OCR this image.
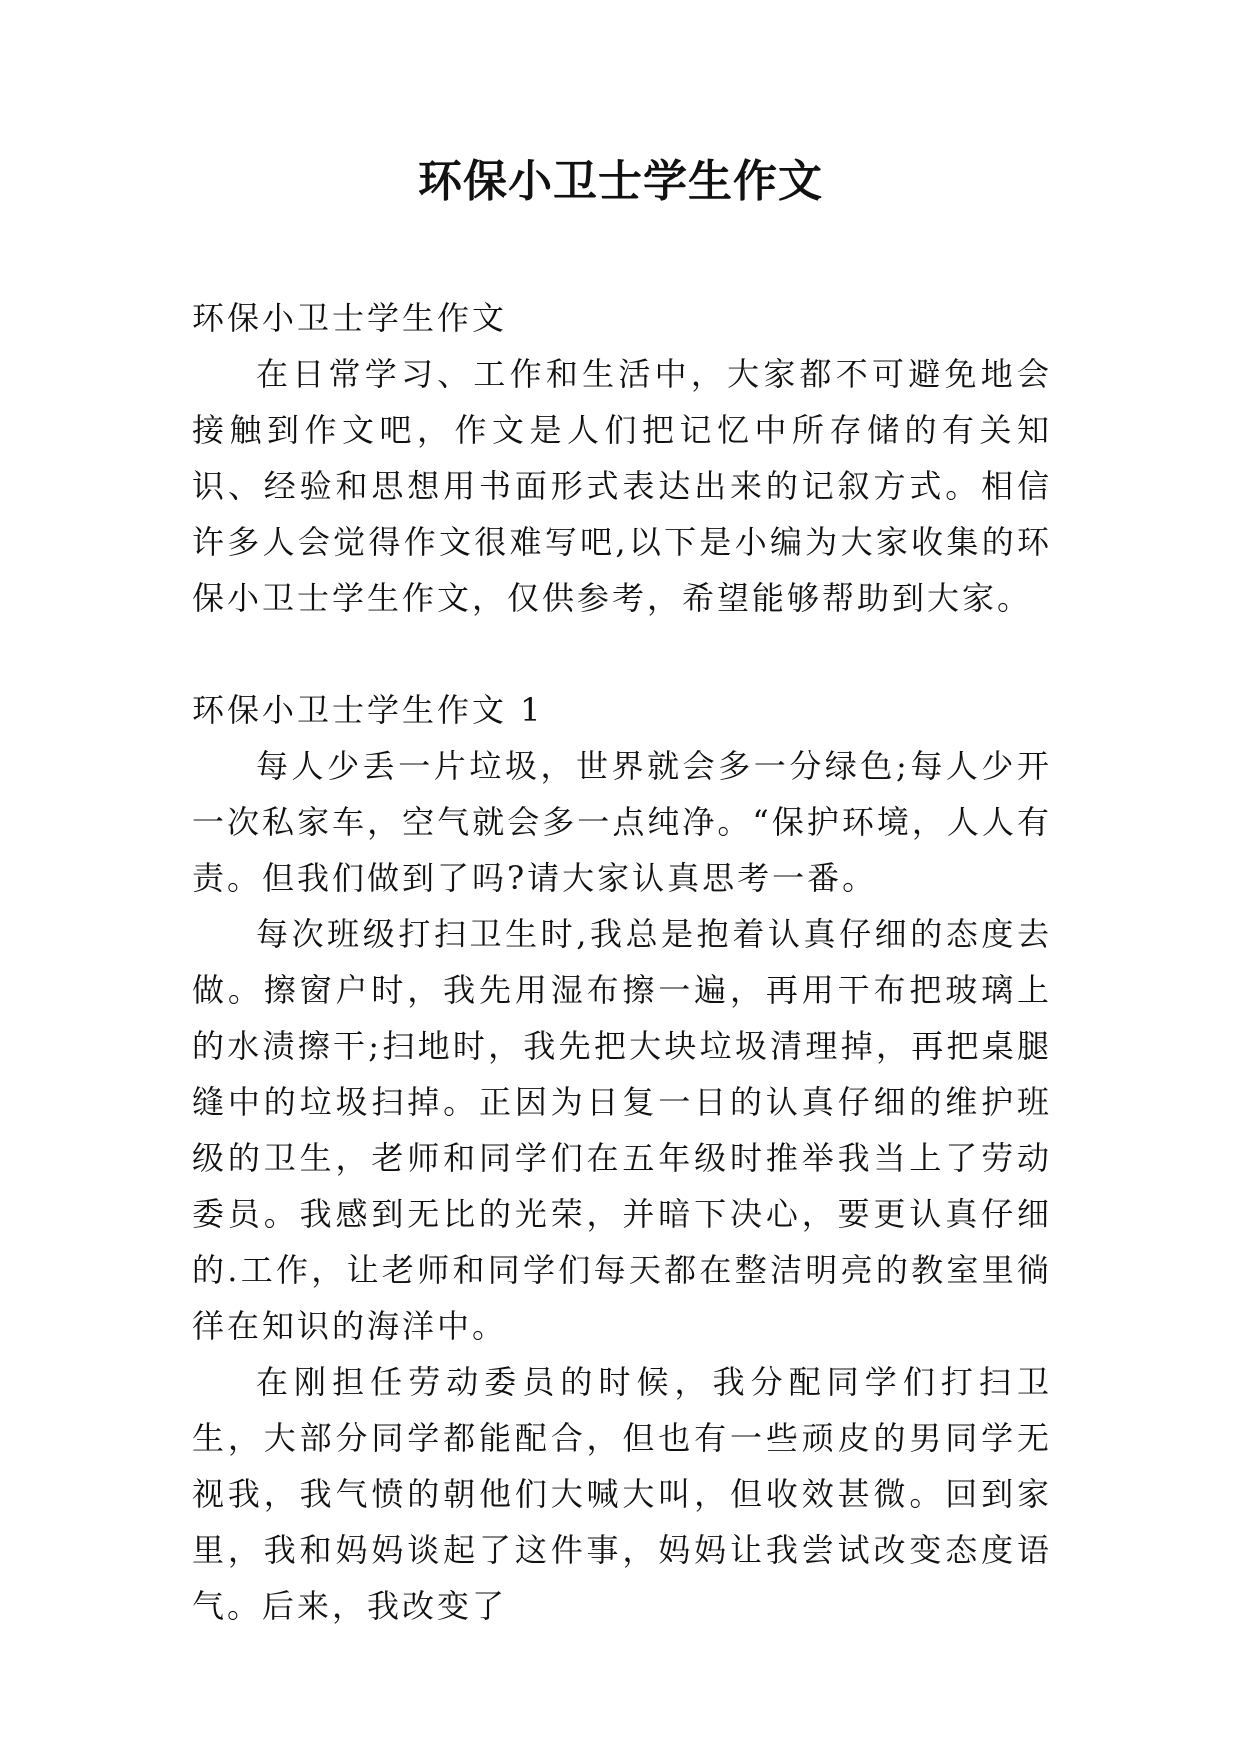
环保小卫士学生作文

环保小卫士学生作文

在日常学习、工作和生活中，大家都不可避免地会接触到作文吧，作文是人们把记忆中所存储的有关知识、经验和思想用书面形式表达出来的记叙方式。相信许多人会觉得作文很难写吧,以下是小编为大家收集的环保小卫士学生作文，仅供参考，希望能够帮助到大家。

环保小卫士学生作文 1

每人少丢一片垃圾，世界就会多一分绿色;每人少开一次私家车，空气就会多一点纯净。“保护环境，人人有责。但我们做到了吗?请大家认真思考一番。

每次班级打扫卫生时,我总是抱着认真仔细的态度去做。擦窗户时，我先用湿布擦一遍，再用干布把玻璃上的水渍擦干;扫地时，我先把大块垃圾清理掉，再把桌腿缝中的垃圾扫掉。正因为日复一日的认真仔细的维护班级的卫生，老师和同学们在五年级时推举我当上了劳动委员。我感到无比的光荣，并暗下决心，要更认真仔细的.工作，让老师和同学们每天都在整洁明亮的教室里徜徉在知识的海洋中。

在刚担任劳动委员的时候，我分配同学们打扫卫生，大部分同学都能配合，但也有一些顽皮的男同学无视我，我气愤的朝他们大喊大叫，但收效甚微。回到家里，我和妈妈谈起了这件事，妈妈让我尝试改变态度语气。后来，我改变了
